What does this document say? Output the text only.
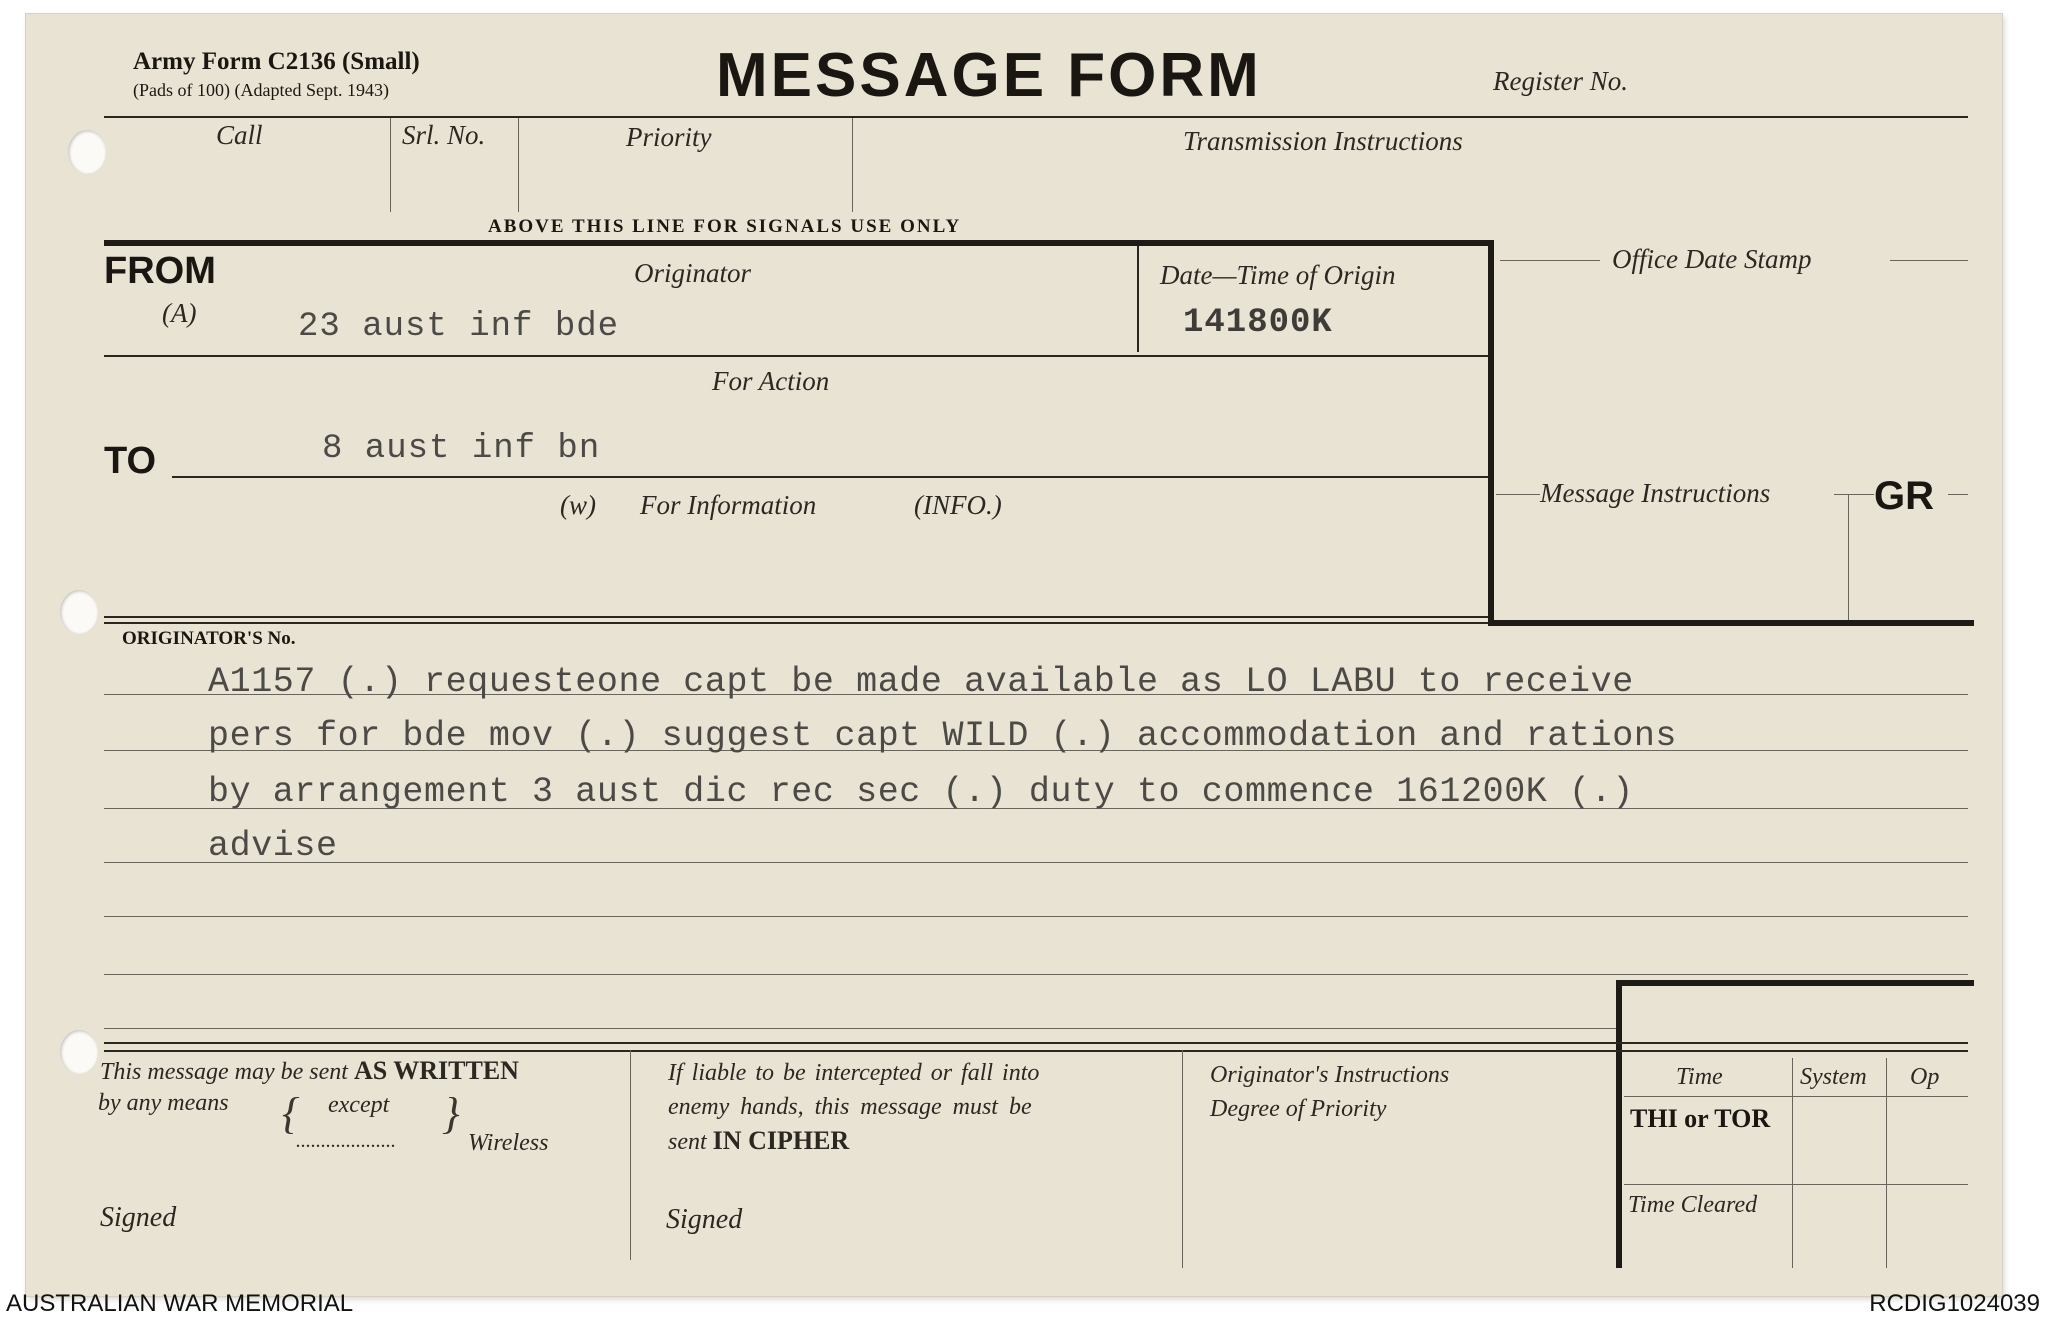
Army Form C2136 (Small)
(Pads of 100) (Adapted Sept. 1943)	MESSAGE FORM	Register No.
Call	Srl. No.	Priority	Transmission Instructions
ABOVE THIS LINE FOR SIGNALS USE ONLY
FROM
(A)
Originator
23 aust inf bde
Date—Time of Origin
141800K
For Action
TO	8 aust inf bn
(w) For Information	(INFO.)
Office Date Stamp
Message Instructions	GR
ORIGINATOR'S No.
A1157 (.) requesteone capt be made available as LO LABU to receive
pers for bde mov (.) suggest capt WILD (.) accommodation and rations
by arrangement 3 aust dic rec sec (.) duty to commence 161200K (.)
advise
This message may be sent AS WRITTEN
by any means { except
....................
}
Wireless
Signed
If liable to be intercepted or fall into
enemy hands, this message must be
sent IN CIPHER
Signed
Originator's Instructions
Degree of Priority
Time	System Op
THI or TOR
Time Cleared
AUSTRALIAN WAR MEMORIAL	RCDIG1024039
